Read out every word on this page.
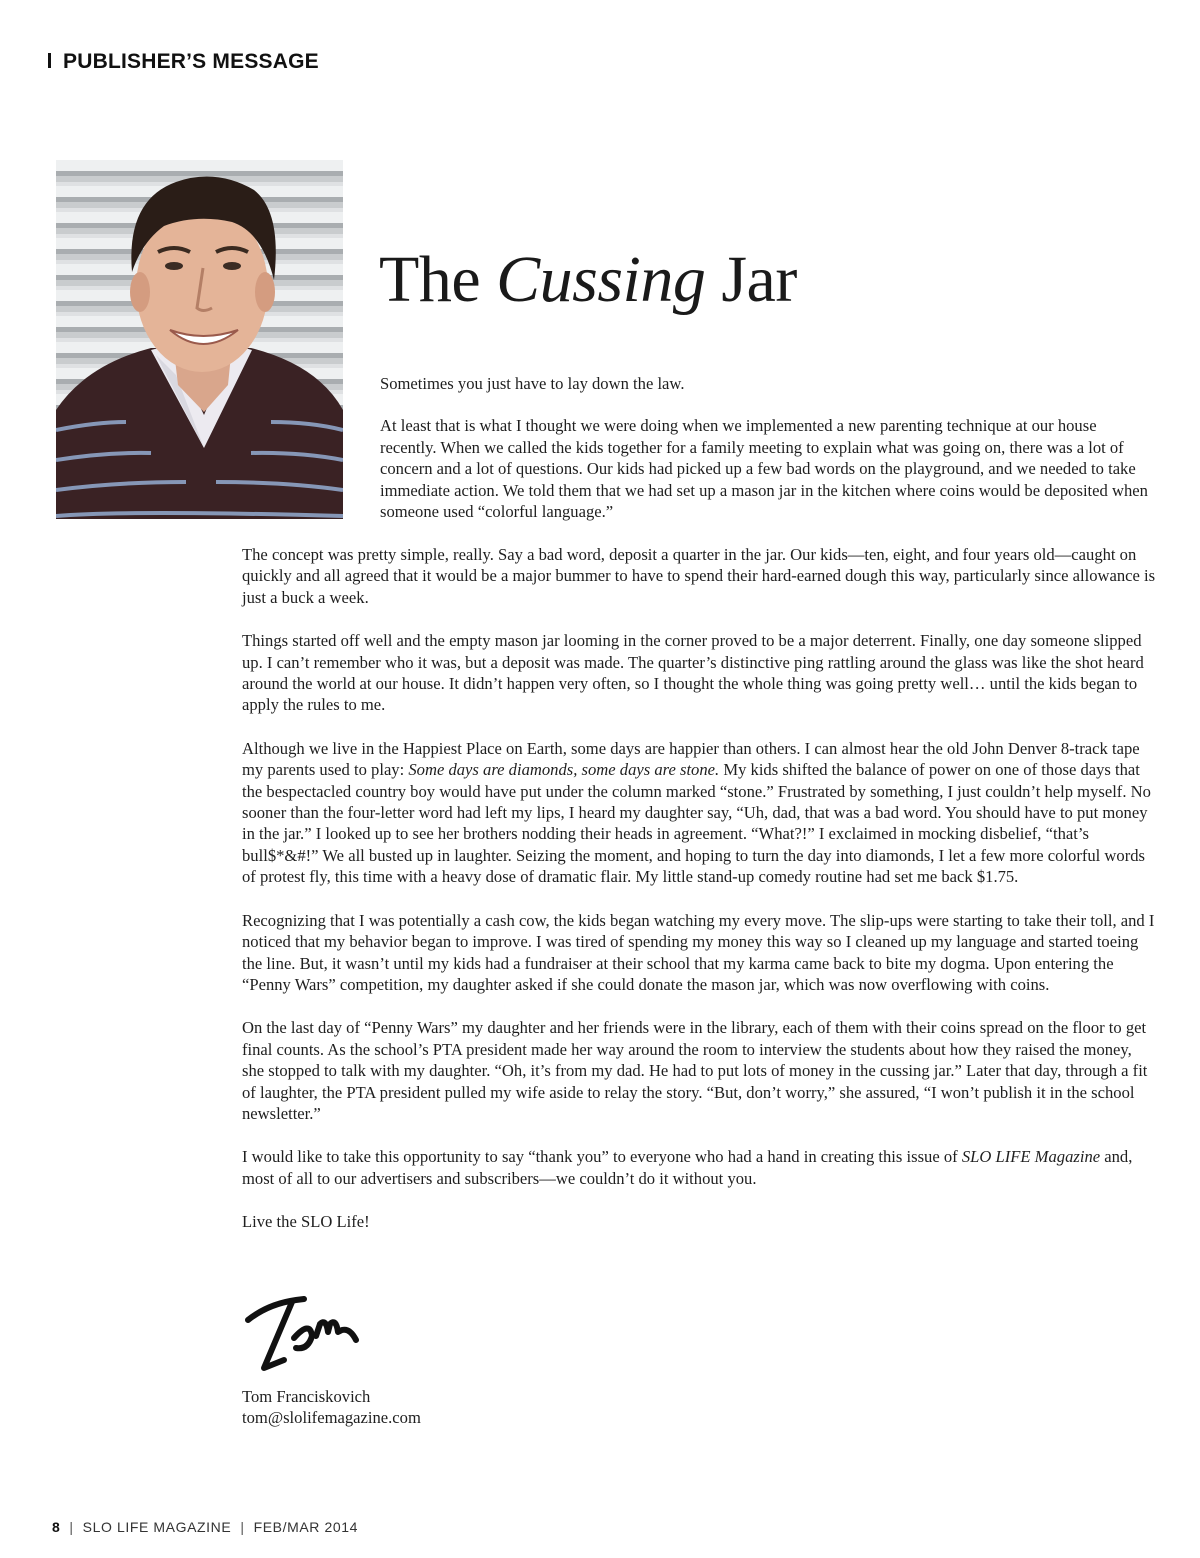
PUBLISHER’S MESSAGE
The Cussing Jar

Sometimes you just have to lay down the law.

At least that is what I thought we were doing when we implemented a new parenting technique at our house recently. When we called the kids together for a family meeting to explain what was going on, there was a lot of concern and a lot of questions. Our kids had picked up a few bad words on the playground, and we needed to take immediate action. We told them that we had set up a mason jar in the kitchen where coins would be deposited when someone used “colorful language.”

The concept was pretty simple, really. Say a bad word, deposit a quarter in the jar. Our kids—ten, eight, and four years old—caught on quickly and all agreed that it would be a major bummer to have to spend their hard-earned dough this way, particularly since allowance is just a buck a week.

Things started off well and the empty mason jar looming in the corner proved to be a major deterrent. Finally, one day someone slipped up. I can’t remember who it was, but a deposit was made. The quarter’s distinctive ping rattling around the glass was like the shot heard around the world at our house. It didn’t happen very often, so I thought the whole thing was going pretty well… until the kids began to apply the rules to me.

Although we live in the Happiest Place on Earth, some days are happier than others. I can almost hear the old John Denver 8-track tape my parents used to play: Some days are diamonds, some days are stone. My kids shifted the balance of power on one of those days that the bespectacled country boy would have put under the column marked “stone.” Frustrated by something, I just couldn’t help myself. No sooner than the four-letter word had left my lips, I heard my daughter say, “Uh, dad, that was a bad word. You should have to put money in the jar.” I looked up to see her brothers nodding their heads in agreement. “What?!” I exclaimed in mocking disbelief, “that’s bull$*&#!” We all busted up in laughter. Seizing the moment, and hoping to turn the day into diamonds, I let a few more colorful words of protest fly, this time with a heavy dose of dramatic flair. My little stand-up comedy routine had set me back $1.75.

Recognizing that I was potentially a cash cow, the kids began watching my every move. The slip-ups were starting to take their toll, and I noticed that my behavior began to improve. I was tired of spending my money this way so I cleaned up my language and started toeing the line. But, it wasn’t until my kids had a fundraiser at their school that my karma came back to bite my dogma. Upon entering the “Penny Wars” competition, my daughter asked if she could donate the mason jar, which was now overflowing with coins.

On the last day of “Penny Wars” my daughter and her friends were in the library, each of them with their coins spread on the floor to get final counts. As the school’s PTA president made her way around the room to interview the students about how they raised the money, she stopped to talk with my daughter. “Oh, it’s from my dad. He had to put lots of money in the cussing jar.” Later that day, through a fit of laughter, the PTA president pulled my wife aside to relay the story. “But, don’t worry,” she assured, “I won’t publish it in the school newsletter.”

I would like to take this opportunity to say “thank you” to everyone who had a hand in creating this issue of SLO LIFE Magazine and, most of all to our advertisers and subscribers—we couldn’t do it without you.

Live the SLO Life!

Tom Franciskovich
tom@slolifemagazine.com
8 | SLO LIFE MAGAZINE | FEB/MAR 2014
